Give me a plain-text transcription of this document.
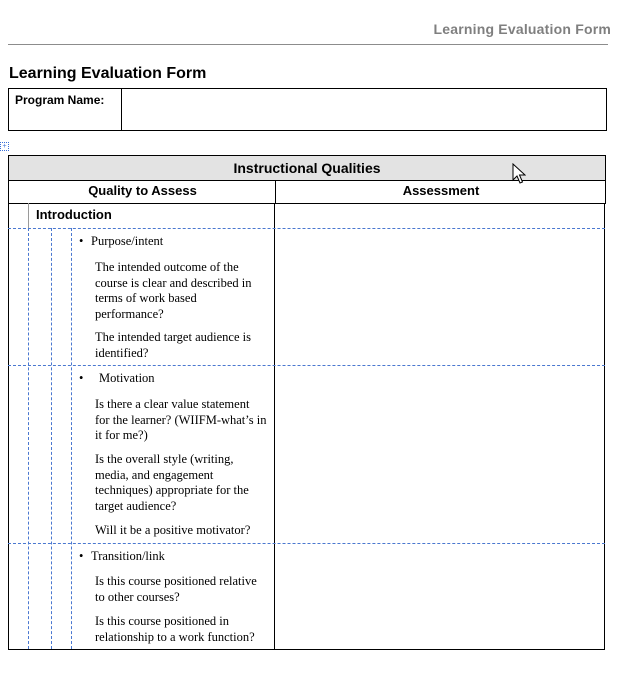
Learning Evaluation Form
Learning Evaluation Form
Program Name:
+
Instructional Qualities
Quality to Assess	Assessment
Introduction
• Purpose/intent
The intended outcome of the course is clear and described in terms of work based performance?
The intended target audience is identified?
• Motivation
Is there a clear value statement for the learner? (WIIFM-what’s in it for me?)
Is the overall style (writing, media, and engagement techniques) appropriate for the target audience?
Will it be a positive motivator?
• Transition/link
Is this course positioned relative to other courses?
Is this course positioned in relationship to a work function?
